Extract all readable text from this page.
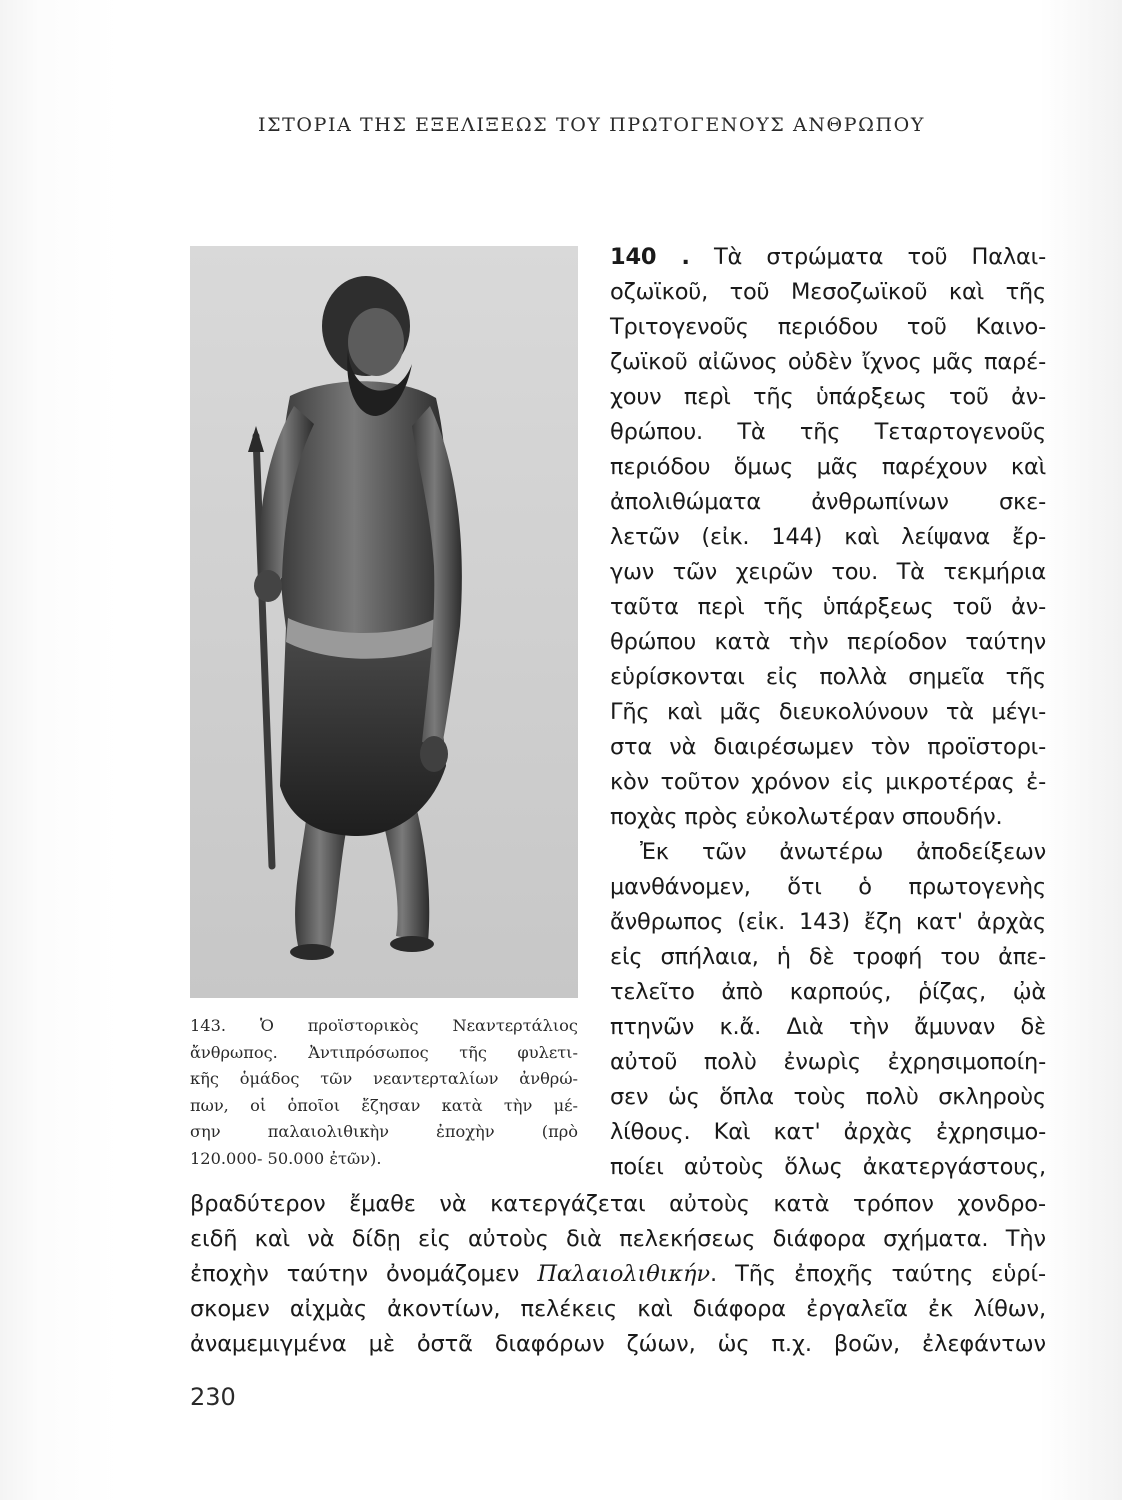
ΙΣΤΟΡΙΑ ΤΗΣ ΕΞΕΛΙΞΕΩΣ ΤΟΥ ΠΡΩΤΟΓΕΝΟΥΣ ΑΝΘΡΩΠΟΥ
143. Ὁ προϊστορικὸς Νεαντερτάλιος
ἄνθρωπος. Ἀντιπρόσωπος τῆς φυλετι-
κῆς ὁμάδος τῶν νεαντερταλίων ἀνθρώ-
πων, οἱ ὁποῖοι ἔζησαν κατὰ τὴν μέ-
σην παλαιολιθικὴν ἐποχὴν (πρὸ
120.000- 50.000 ἐτῶν).
140 . Τὰ στρώματα τοῦ Παλαι-
οζωϊκοῦ, τοῦ Μεσοζωϊκοῦ καὶ τῆς
Τριτογενοῦς περιόδου τοῦ Καινο-
ζωϊκοῦ αἰῶνος οὐδὲν ἴχνος μᾶς παρέ-
χουν περὶ τῆς ὑπάρξεως τοῦ ἀν-
θρώπου. Τὰ τῆς Τεταρτογενοῦς
περιόδου ὅμως μᾶς παρέχουν καὶ
ἀπολιθώματα ἀνθρωπίνων σκε-
λετῶν (εἰκ. 144) καὶ λείψανα ἔρ-
γων τῶν χειρῶν του. Τὰ τεκμήρια
ταῦτα περὶ τῆς ὑπάρξεως τοῦ ἀν-
θρώπου κατὰ τὴν περίοδον ταύτην
εὑρίσκονται εἰς πολλὰ σημεῖα τῆς
Γῆς καὶ μᾶς διευκολύνουν τὰ μέγι-
στα νὰ διαιρέσωμεν τὸν προϊστορι-
κὸν τοῦτον χρόνον εἰς μικροτέρας ἐ-
ποχὰς πρὸς εὐκολωτέραν σπουδήν.
Ἐκ τῶν ἀνωτέρω ἀποδείξεων
μανθάνομεν, ὅτι ὁ πρωτογενὴς
ἄνθρωπος (εἰκ. 143) ἔζη κατ' ἀρχὰς
εἰς σπήλαια, ἡ δὲ τροφή του ἀπε-
τελεῖτο ἀπὸ καρπούς, ῥίζας, ᾠὰ
πτηνῶν κ.ἄ. Διὰ τὴν ἄμυναν δὲ
αὐτοῦ πολὺ ἐνωρὶς ἐχρησιμοποίη-
σεν ὡς ὅπλα τοὺς πολὺ σκληροὺς
λίθους. Καὶ κατ' ἀρχὰς ἐχρησιμο-
ποίει αὐτοὺς ὅλως ἀκατεργάστους,
βραδύτερον ἔμαθε νὰ κατεργάζεται αὐτοὺς κατὰ τρόπον χονδρο-
ειδῆ καὶ νὰ δίδῃ εἰς αὐτοὺς διὰ πελεκήσεως διάφορα σχήματα. Τὴν
ἐποχὴν ταύτην ὀνομάζομεν Παλαιολιθικήν. Τῆς ἐποχῆς ταύτης εὑρί-
σκομεν αἰχμὰς ἀκοντίων, πελέκεις καὶ διάφορα ἐργαλεῖα ἐκ λίθων,
ἀναμεμιγμένα μὲ ὀστᾶ διαφόρων ζώων, ὡς π.χ. βοῶν, ἐλεφάντων
230
